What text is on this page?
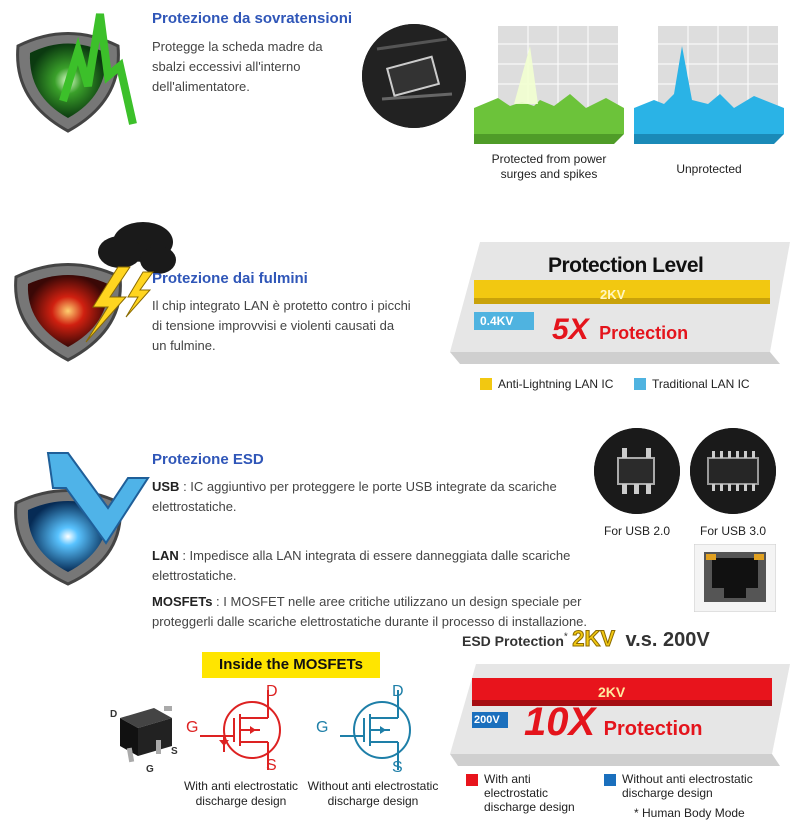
Protezione da sovratensioni
Protegge la scheda madre da sbalzi eccessivi all'interno dell'alimentatore.
Protected from power surges and spikes	Unprotected
Protezione dai fulmini
Il chip integrato LAN è protetto contro i picchi di tensione improvvisi e violenti causati da un fulmine.
Protection Level
2KV
0.4KV 5X Protection
Anti-Lightning LAN IC	Traditional LAN IC
Protezione ESD
USB : IC aggiuntivo per proteggere le porte USB integrate da scariche elettrostatiche.
LAN : Impedisce alla LAN integrata di essere danneggiata dalle scariche elettrostatiche.
MOSFETs : I MOSFET nelle aree critiche utilizzano un design speciale per proteggerli dalle scariche elettrostatiche durante il processo di installazione.
For USB 2.0	For USB 3.0
Inside the MOSFETs
D
S
G
D
G
S
D
G
S
With anti electrostatic discharge design
Without anti electrostatic discharge design
ESD Protection* 2KV v.s. 200V
2KV
200V 10X Protection
With anti electrostatic discharge design
Without anti electrostatic discharge design
* Human Body Mode
